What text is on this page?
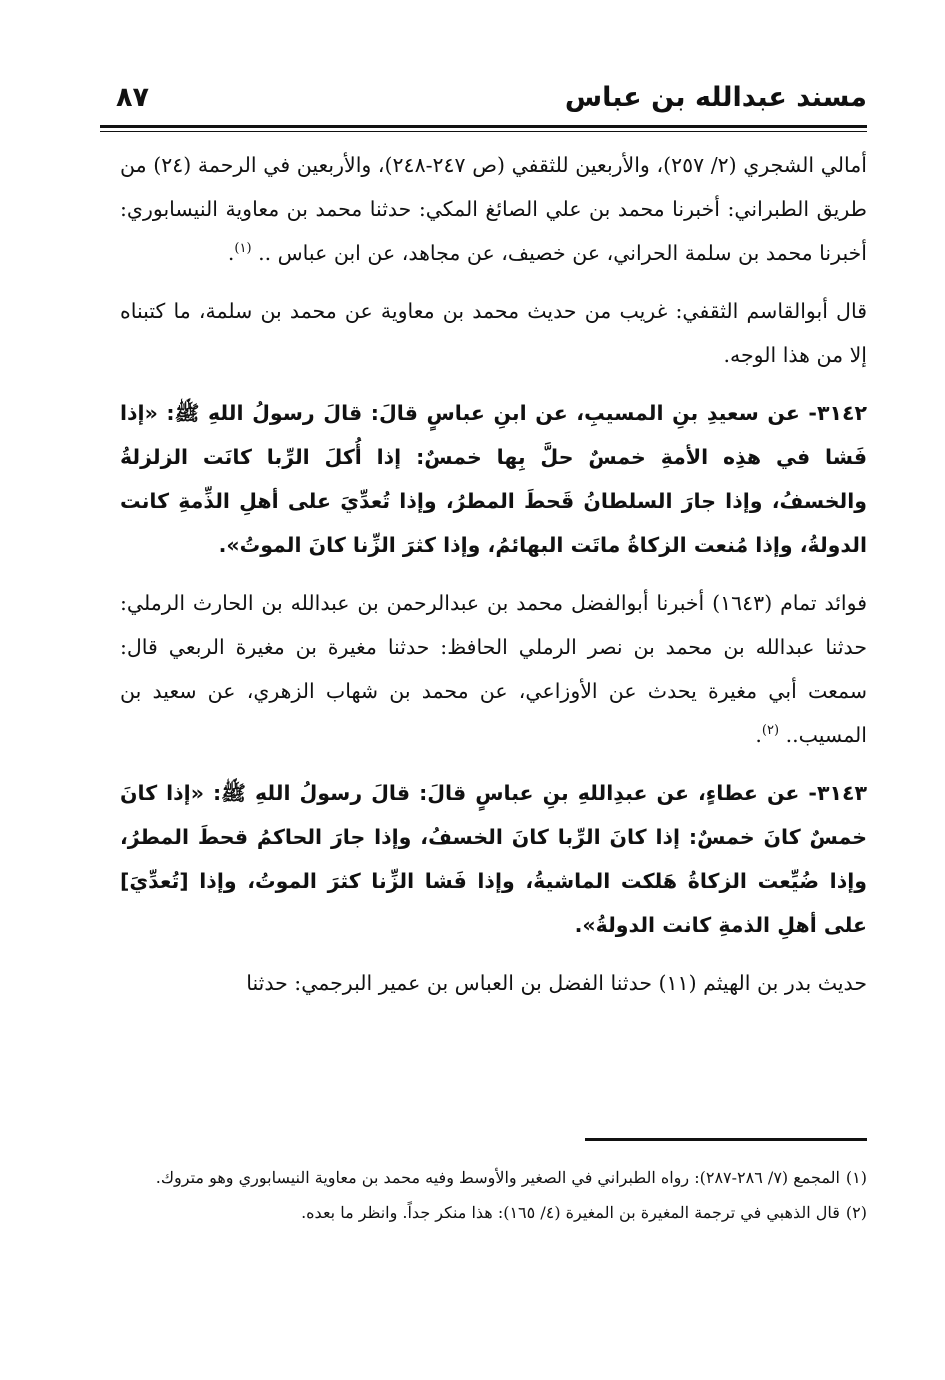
مسند عبدالله بن عباس
٨٧

أمالي الشجري (٢/ ٢٥٧)، والأربعين للثقفي (ص ٢٤٧-٢٤٨)، والأربعين في الرحمة (٢٤) من طريق الطبراني: أخبرنا محمد بن علي الصائغ المكي: حدثنا محمد بن معاوية النيسابوري: أخبرنا محمد بن سلمة الحراني، عن خصيف، عن مجاهد، عن ابن عباس .. $^{(١)}$.

قال أبوالقاسم الثقفي: غريب من حديث محمد بن معاوية عن محمد بن سلمة، ما كتبناه إلا من هذا الوجه.

٣١٤٢- عن سعيدِ بنِ المسيبِ، عن ابنِ عباسٍ قالَ: قالَ رسولُ اللهِ ﷺ: «إذا فَشا في هذِه الأمةِ خمسٌ حلَّ بِها خمسٌ: إذا أُكلَ الرِّبا كانَت الزلزلةُ والخسفُ، وإذا جارَ السلطانُ قَحطَ المطرُ، وإذا تُعدِّيَ على أهلِ الذِّمةِ كانت الدولةُ، وإذا مُنعت الزكاةُ ماتَت البهائمُ، وإذا كثرَ الزِّنا كانَ الموتُ».

فوائد تمام (١٦٤٣) أخبرنا أبوالفضل محمد بن عبدالرحمن بن عبدالله بن الحارث الرملي: حدثنا عبدالله بن محمد بن نصر الرملي الحافظ: حدثنا مغيرة بن مغيرة الربعي قال: سمعت أبي مغيرة يحدث عن الأوزاعي، عن محمد بن شهاب الزهري، عن سعيد بن المسيب.. $^{(٢)}$.

٣١٤٣- عن عطاءٍ، عن عبدِاللهِ بنِ عباسٍ قالَ: قالَ رسولُ اللهِ ﷺ: «إذا كانَ خمسٌ كانَ خمسٌ: إذا كانَ الرِّبا كانَ الخسفُ، وإذا جارَ الحاكمُ قحطَ المطرُ، وإذا ضُيِّعت الزكاةُ هَلكت الماشيةُ، وإذا فَشا الزِّنا كثرَ الموتُ، وإذا [تُعدِّيَ] على أهلِ الذمةِ كانت الدولةُ».

حديث بدر بن الهيثم (١١) حدثنا الفضل بن العباس بن عمير البرجمي: حدثنا

(١)المجمع (٧/ ٢٨٦-٢٨٧): رواه الطبراني في الصغير والأوسط وفيه محمد بن معاوية النيسابوري وهو متروك.

(٢)قال الذهبي في ترجمة المغيرة بن المغيرة (٤/ ١٦٥): هذا منكر جداً. وانظر ما بعده.
